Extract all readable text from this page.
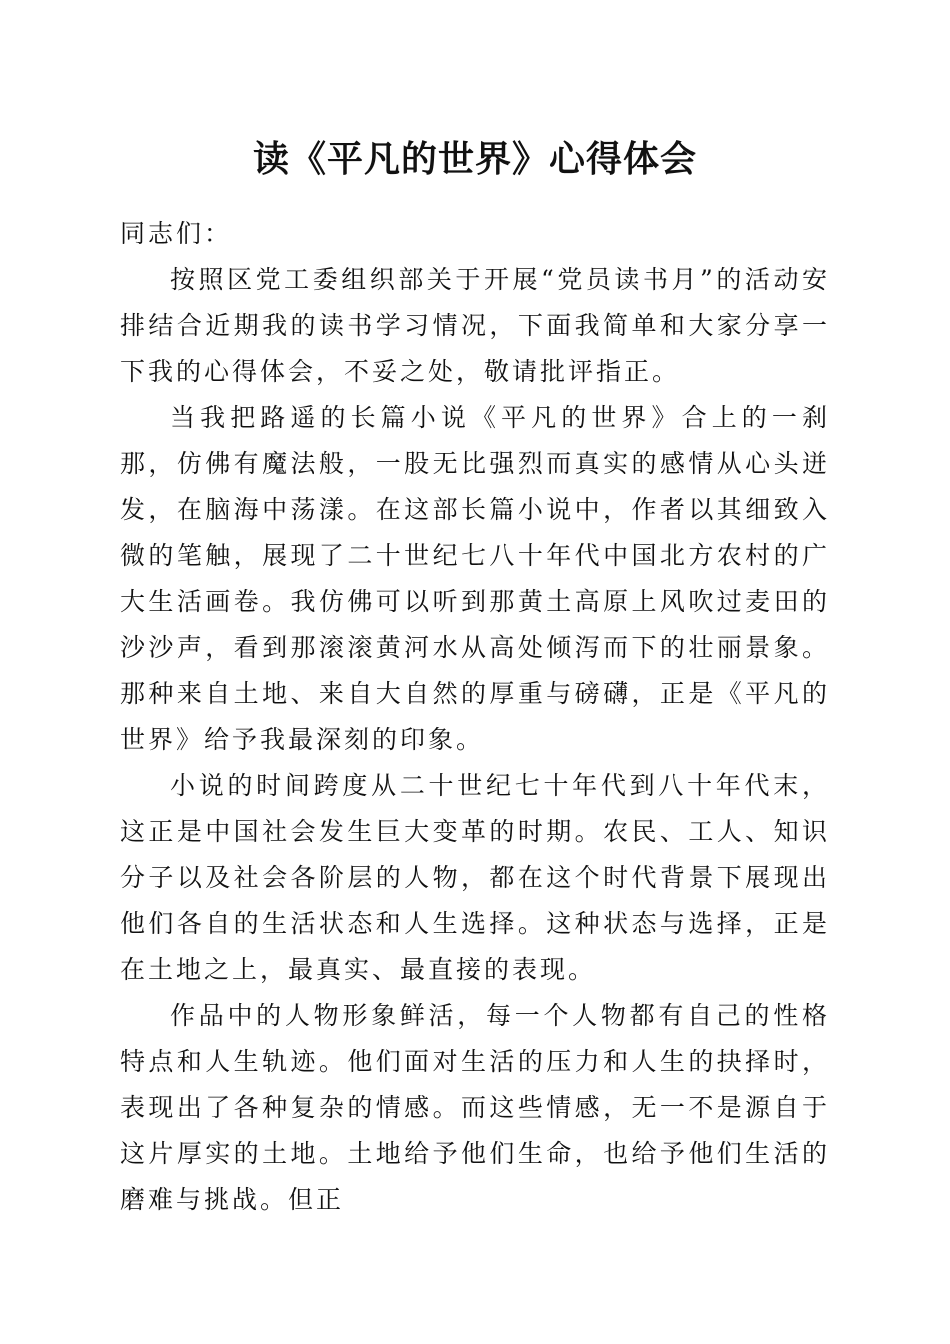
读《平凡的世界》心得体会

同志们：

按照区党工委组织部关于开展“党员读书月”的活动安排结合近期我的读书学习情况，下面我简单和大家分享一下我的心得体会，不妥之处，敬请批评指正。

当我把路遥的长篇小说《平凡的世界》合上的一刹那，仿佛有魔法般，一股无比强烈而真实的感情从心头迸发，在脑海中荡漾。在这部长篇小说中，作者以其细致入微的笔触，展现了二十世纪七八十年代中国北方农村的广大生活画卷。我仿佛可以听到那黄土高原上风吹过麦田的沙沙声，看到那滚滚黄河水从高处倾泻而下的壮丽景象。那种来自土地、来自大自然的厚重与磅礴，正是《平凡的世界》给予我最深刻的印象。

小说的时间跨度从二十世纪七十年代到八十年代末，这正是中国社会发生巨大变革的时期。农民、工人、知识分子以及社会各阶层的人物，都在这个时代背景下展现出他们各自的生活状态和人生选择。这种状态与选择，正是在土地之上，最真实、最直接的表现。

作品中的人物形象鲜活，每一个人物都有自己的性格特点和人生轨迹。他们面对生活的压力和人生的抉择时，表现出了各种复杂的情感。而这些情感，无一不是源自于这片厚实的土地。土地给予他们生命，也给予他们生活的磨难与挑战。但正
